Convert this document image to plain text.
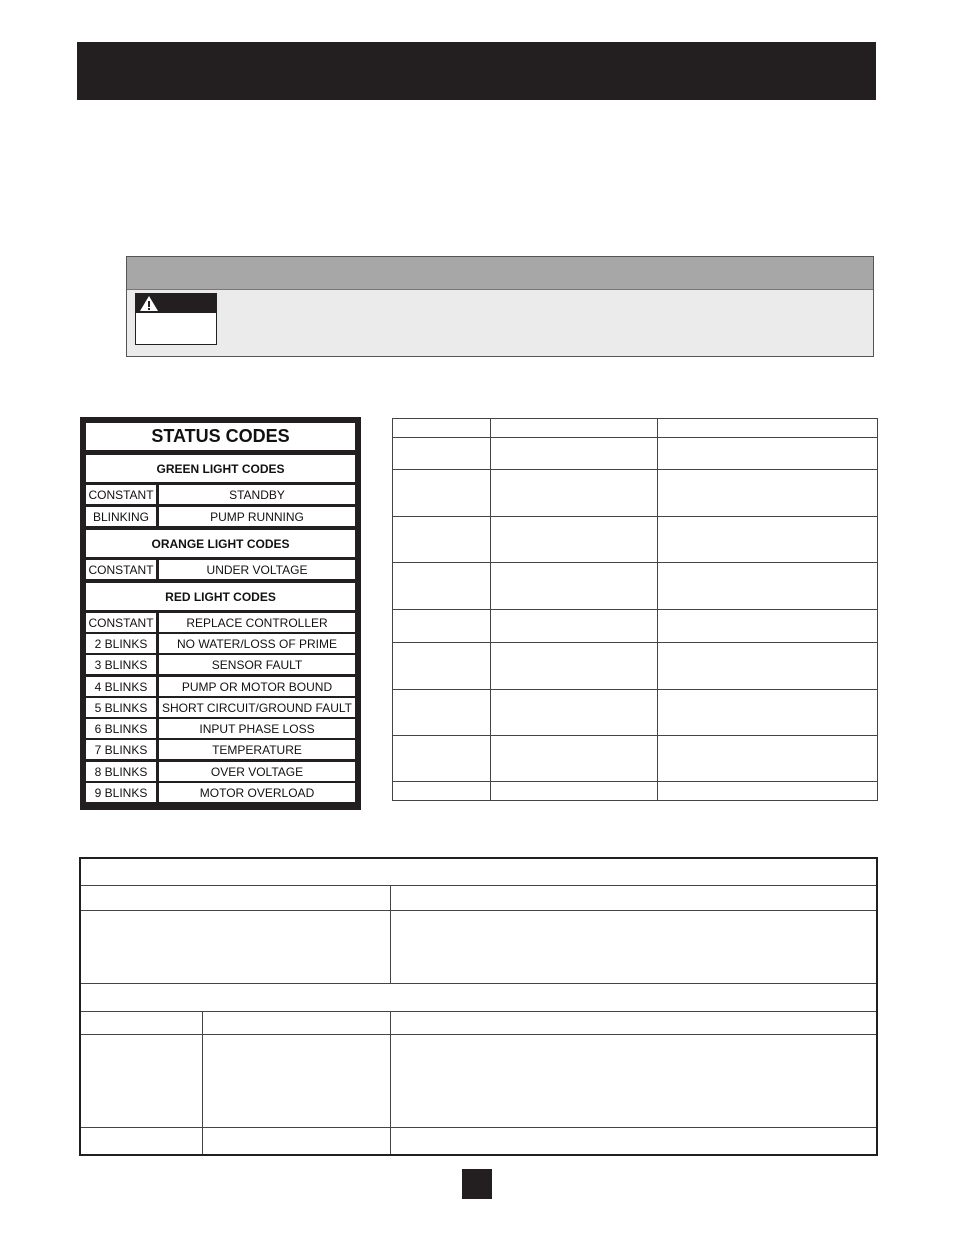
STATUS CODES
GREEN LIGHT CODES
CONSTANT	STANDBY
BLINKING	PUMP RUNNING
ORANGE LIGHT CODES
CONSTANT	UNDER VOLTAGE
RED LIGHT CODES
CONSTANT	REPLACE CONTROLLER
2 BLINKS	NO WATER/LOSS OF PRIME
3 BLINKS	SENSOR FAULT
4 BLINKS	PUMP OR MOTOR BOUND
5 BLINKS	SHORT CIRCUIT/GROUND FAULT
6 BLINKS	INPUT PHASE LOSS
7 BLINKS	TEMPERATURE
8 BLINKS	OVER VOLTAGE
9 BLINKS	MOTOR OVERLOAD
